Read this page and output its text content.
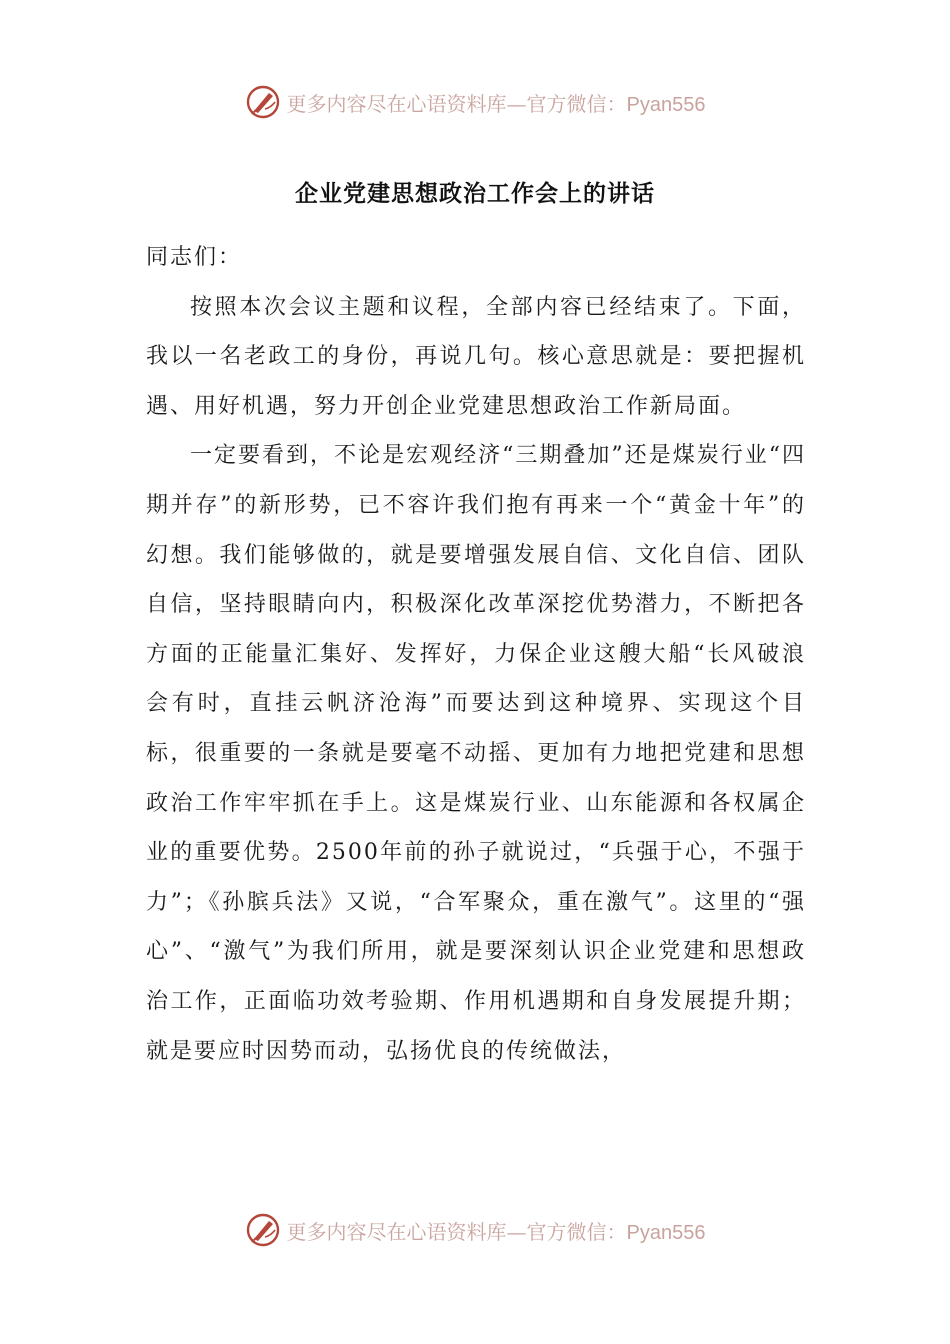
更多内容尽在心语资料库—官方微信：Pyan556
企业党建思想政治工作会上的讲话

同志们：

按照本次会议主题和议程，全部内容已经结束了。下面，我以一名老政工的身份，再说几句。核心意思就是：要把握机遇、用好机遇，努力开创企业党建思想政治工作新局面。

一定要看到，不论是宏观经济“三期叠加”还是煤炭行业“四期并存”的新形势，已不容许我们抱有再来一个“黄金十年”的幻想。我们能够做的，就是要增强发展自信、文化自信、团队自信，坚持眼睛向内，积极深化改革深挖优势潜力，不断把各方面的正能量汇集好、发挥好，力保企业这艘大船“长风破浪会有时，直挂云帆济沧海”而要达到这种境界、实现这个目标，很重要的一条就是要毫不动摇、更加有力地把党建和思想政治工作牢牢抓在手上。这是煤炭行业、山东能源和各权属企业的重要优势。2500年前的孙子就说过，“兵强于心，不强于力”；《孙膑兵法》又说，“合军聚众，重在激气”。这里的“强心”、“激气”为我们所用，就是要深刻认识企业党建和思想政治工作，正面临功效考验期、作用机遇期和自身发展提升期；就是要应时因势而动，弘扬优良的传统做法，

更多内容尽在心语资料库—官方微信：Pyan556
